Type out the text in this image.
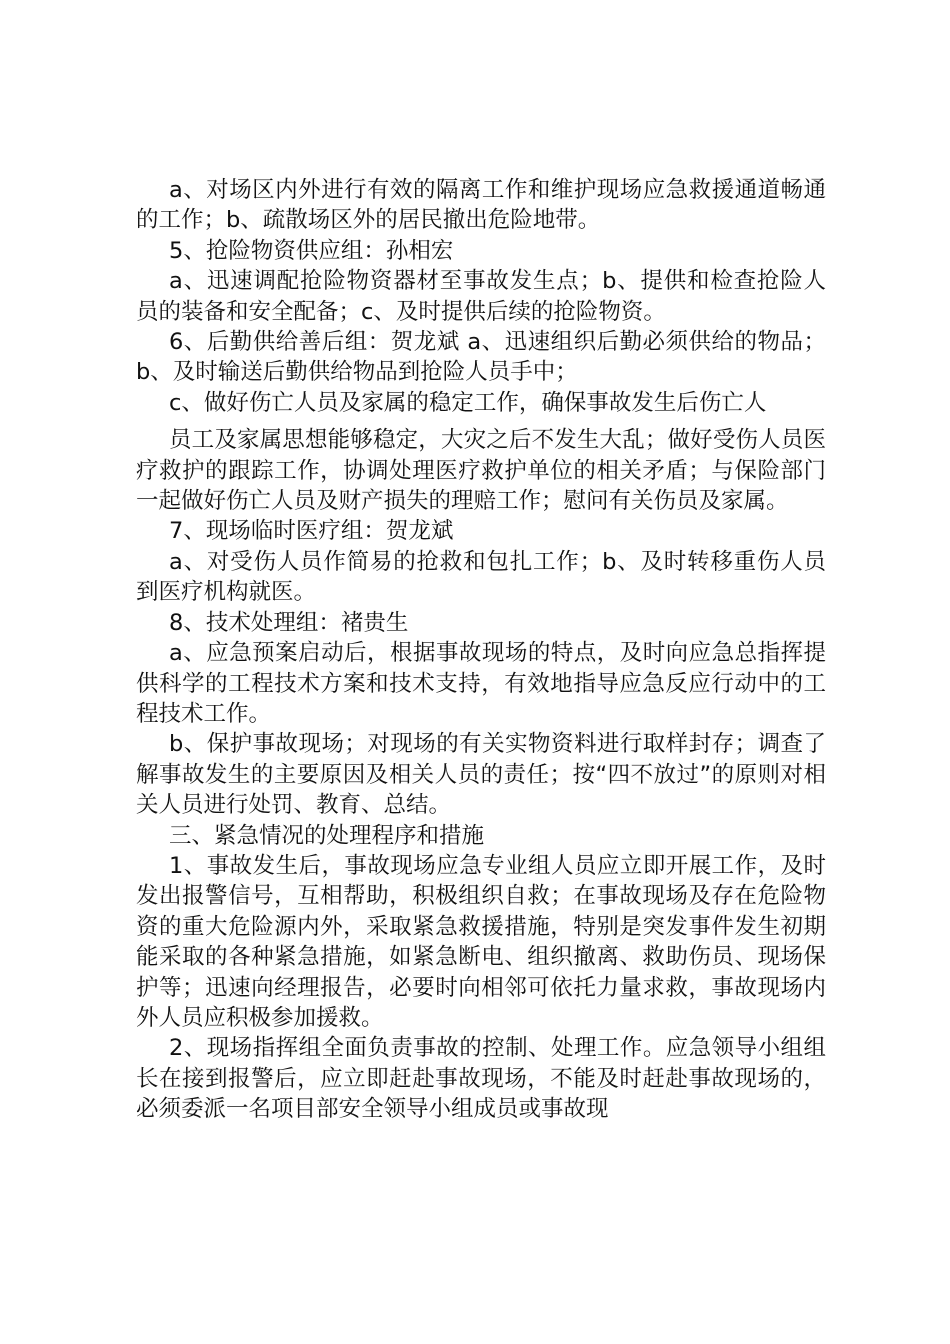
a、对场区内外进行有效的隔离工作和维护现场应急救援通道畅通的工作；b、疏散场区外的居民撤出危险地带。

5、抢险物资供应组：孙相宏

a、迅速调配抢险物资器材至事故发生点；b、提供和检查抢险人员的装备和安全配备；c、及时提供后续的抢险物资。

6、后勤供给善后组：贺龙斌 a、迅速组织后勤必须供给的物品；b、及时输送后勤供给物品到抢险人员手中；

c、做好伤亡人员及家属的稳定工作，确保事故发生后伤亡人

员工及家属思想能够稳定，大灾之后不发生大乱；做好受伤人员医疗救护的跟踪工作，协调处理医疗救护单位的相关矛盾；与保险部门一起做好伤亡人员及财产损失的理赔工作；慰问有关伤员及家属。

7、现场临时医疗组：贺龙斌

a、对受伤人员作简易的抢救和包扎工作；b、及时转移重伤人员到医疗机构就医。

8、技术处理组：褚贵生

a、应急预案启动后，根据事故现场的特点，及时向应急总指挥提供科学的工程技术方案和技术支持，有效地指导应急反应行动中的工程技术工作。

b、保护事故现场；对现场的有关实物资料进行取样封存；调查了解事故发生的主要原因及相关人员的责任；按“四不放过”的原则对相关人员进行处罚、教育、总结。

三、紧急情况的处理程序和措施

1、事故发生后，事故现场应急专业组人员应立即开展工作，及时发出报警信号，互相帮助，积极组织自救；在事故现场及存在危险物资的重大危险源内外，采取紧急救援措施，特别是突发事件发生初期能采取的各种紧急措施，如紧急断电、组织撤离、救助伤员、现场保护等；迅速向经理报告，必要时向相邻可依托力量求救，事故现场内外人员应积极参加援救。

2、现场指挥组全面负责事故的控制、处理工作。应急领导小组组长在接到报警后，应立即赶赴事故现场，不能及时赶赴事故现场的，必须委派一名项目部安全领导小组成员或事故现
